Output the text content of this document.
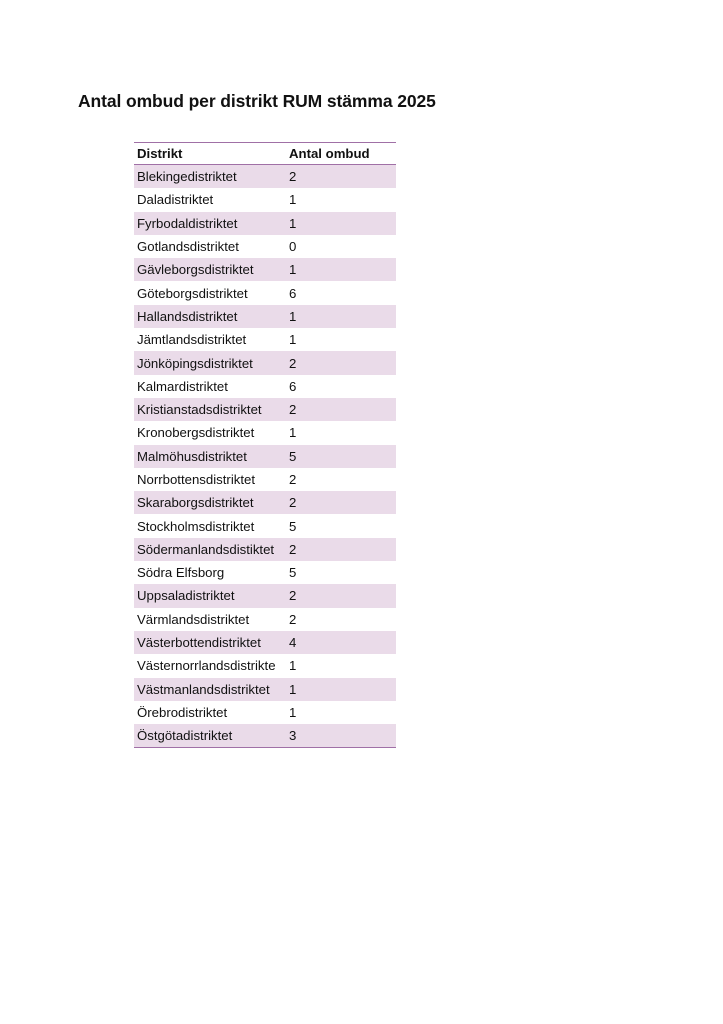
Antal ombud per distrikt RUM stämma 2025
Distrikt	Antal ombud
Blekingedistriktet	2
Daladistriktet	1
Fyrbodaldistriktet	1
Gotlandsdistriktet	0
Gävleborgsdistriktet	1
Göteborgsdistriktet	6
Hallandsdistriktet	1
Jämtlandsdistriktet	1
Jönköpingsdistriktet	2
Kalmardistriktet	6
Kristianstadsdistriktet	2
Kronobergsdistriktet	1
Malmöhusdistriktet	5
Norrbottensdistriktet	2
Skaraborgsdistriktet	2
Stockholmsdistriktet	5
Södermanlandsdistiktet	2
Södra Elfsborg	5
Uppsaladistriktet	2
Värmlandsdistriktet	2
Västerbottendistriktet	4
Västernorrlandsdistrikte	1
Västmanlandsdistriktet	1
Örebrodistriktet	1
Östgötadistriktet	3
